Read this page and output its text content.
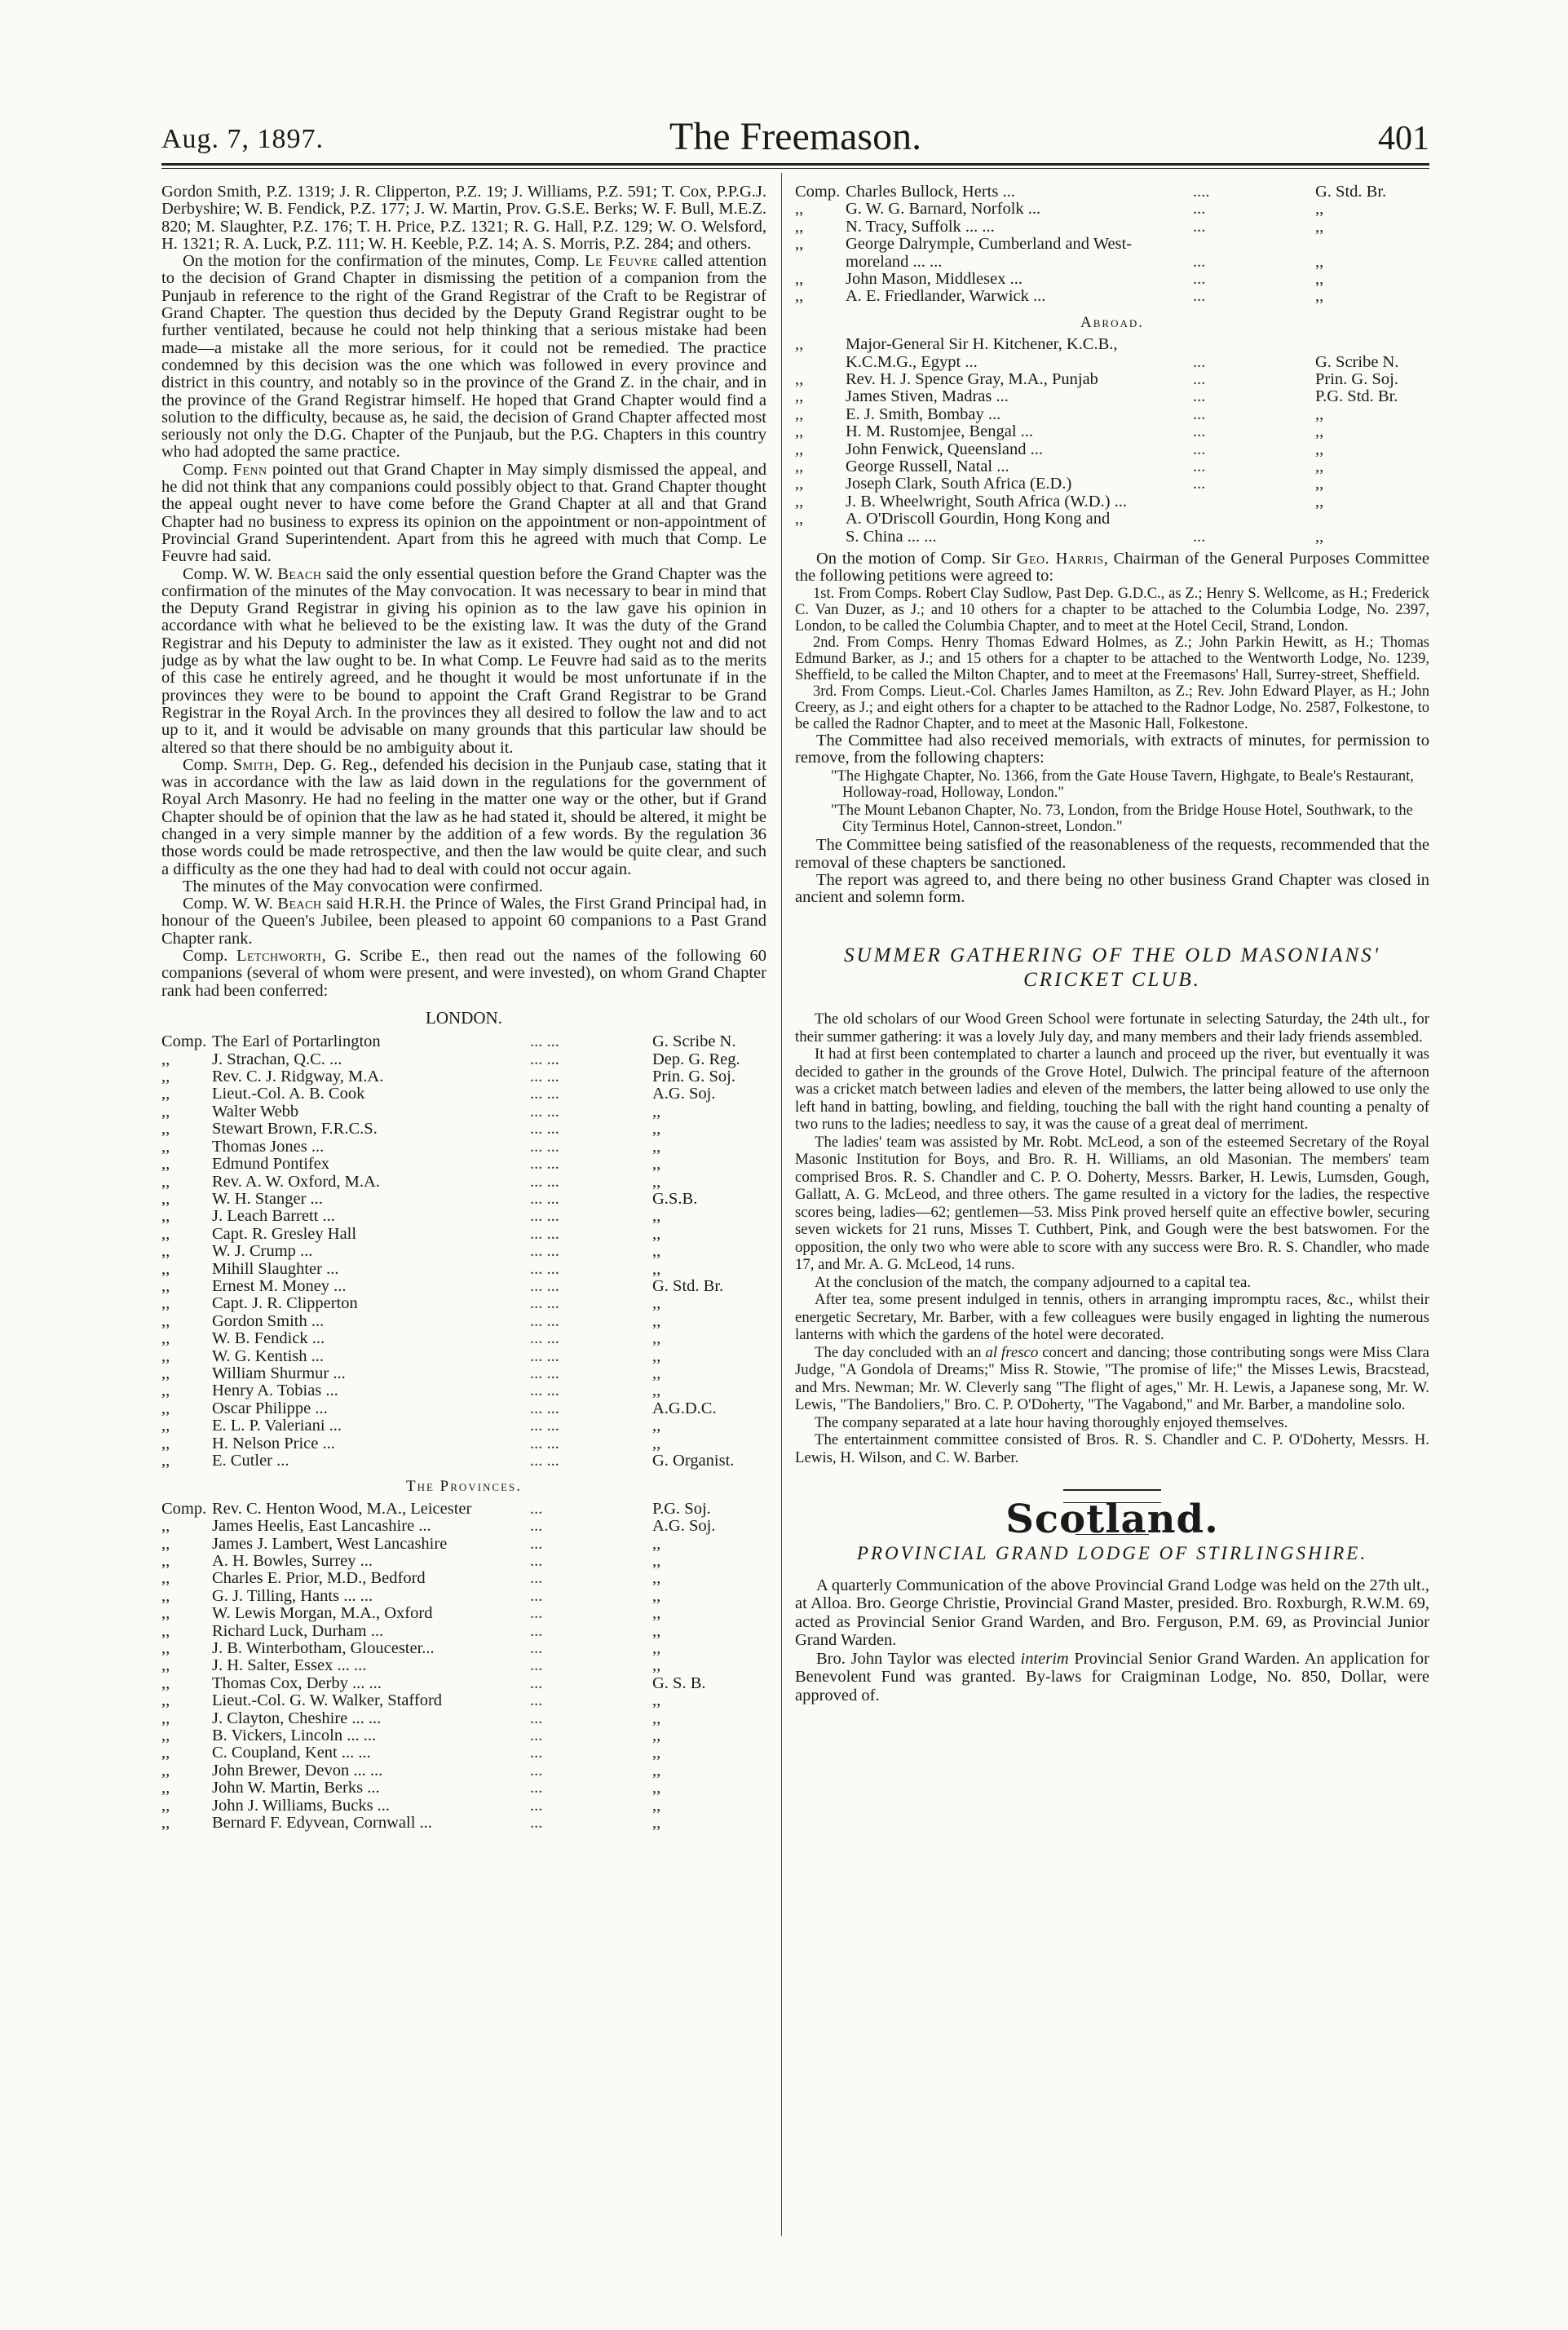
Aug. 7, 1897.	The Freemason.	401

Gordon Smith, P.Z. 1319; J. R. Clipperton, P.Z. 19; J. Williams, P.Z. 591; T. Cox, P.P.G.J. Derbyshire; W. B. Fendick, P.Z. 177; J. W. Martin, Prov. G.S.E. Berks; W. F. Bull, M.E.Z. 820; M. Slaughter, P.Z. 176; T. H. Price, P.Z. 1321; R. G. Hall, P.Z. 129; W. O. Welsford, H. 1321; R. A. Luck, P.Z. 111; W. H. Keeble, P.Z. 14; A. S. Morris, P.Z. 284; and others.

On the motion for the confirmation of the minutes, Comp. Le Feuvre called attention to the decision of Grand Chapter in dismissing the petition of a companion from the Punjaub in reference to the right of the Grand Registrar of the Craft to be Registrar of Grand Chapter. The question thus decided by the Deputy Grand Registrar ought to be further ventilated, because he could not help thinking that a serious mistake had been made—a mistake all the more serious, for it could not be remedied. The practice condemned by this decision was the one which was followed in every province and district in this country, and notably so in the province of the Grand Z. in the chair, and in the province of the Grand Registrar himself. He hoped that Grand Chapter would find a solution to the difficulty, because as, he said, the decision of Grand Chapter affected most seriously not only the D.G. Chapter of the Punjaub, but the P.G. Chapters in this country who had adopted the same practice.

Comp. Fenn pointed out that Grand Chapter in May simply dismissed the appeal, and he did not think that any companions could possibly object to that. Grand Chapter thought the appeal ought never to have come before the Grand Chapter at all and that Grand Chapter had no business to express its opinion on the appointment or non-appointment of Provincial Grand Superintendent. Apart from this he agreed with much that Comp. Le Feuvre had said.

Comp. W. W. Beach said the only essential question before the Grand Chapter was the confirmation of the minutes of the May convocation. It was necessary to bear in mind that the Deputy Grand Registrar in giving his opinion as to the law gave his opinion in accordance with what he believed to be the existing law. It was the duty of the Grand Registrar and his Deputy to administer the law as it existed. They ought not and did not judge as by what the law ought to be. In what Comp. Le Feuvre had said as to the merits of this case he entirely agreed, and he thought it would be most unfortunate if in the provinces they were to be bound to appoint the Craft Grand Registrar to be Grand Registrar in the Royal Arch. In the provinces they all desired to follow the law and to act up to it, and it would be advisable on many grounds that this particular law should be altered so that there should be no ambiguity about it.

Comp. Smith, Dep. G. Reg., defended his decision in the Punjaub case, stating that it was in accordance with the law as laid down in the regulations for the government of Royal Arch Masonry. He had no feeling in the matter one way or the other, but if Grand Chapter should be of opinion that the law as he had stated it, should be altered, it might be changed in a very simple manner by the addition of a few words. By the regulation 36 those words could be made retrospective, and then the law would be quite clear, and such a difficulty as the one they had had to deal with could not occur again.

The minutes of the May convocation were confirmed.

Comp. W. W. Beach said H.R.H. the Prince of Wales, the First Grand Principal had, in honour of the Queen's Jubilee, been pleased to appoint 60 companions to a Past Grand Chapter rank.

Comp. Letchworth, G. Scribe E., then read out the names of the following 60 companions (several of whom were present, and were invested), on whom Grand Chapter rank had been conferred:

LONDON.
Comp.	The Earl of Portarlington	... ...	G. Scribe N.
,,	J. Strachan, Q.C. ...	... ...	Dep. G. Reg.
,,	Rev. C. J. Ridgway, M.A.	... ...	Prin. G. Soj.
,,	Lieut.-Col. A. B. Cook	... ...	A.G. Soj.
,,	Walter Webb	... ...	,,
,,	Stewart Brown, F.R.C.S.	... ...	,,
,,	Thomas Jones ...	... ...	,,
,,	Edmund Pontifex	... ...	,,
,,	Rev. A. W. Oxford, M.A.	... ...	,,
,,	W. H. Stanger ...	... ...	G.S.B.
,,	J. Leach Barrett ...	... ...	,,
,,	Capt. R. Gresley Hall	... ...	,,
,,	W. J. Crump ...	... ...	,,
,,	Mihill Slaughter ...	... ...	,,
,,	Ernest M. Money ...	... ...	G. Std. Br.
,,	Capt. J. R. Clipperton	... ...	,,
,,	Gordon Smith ...	... ...	,,
,,	W. B. Fendick ...	... ...	,,
,,	W. G. Kentish ...	... ...	,,
,,	William Shurmur ...	... ...	,,
,,	Henry A. Tobias ...	... ...	,,
,,	Oscar Philippe ...	... ...	A.G.D.C.
,,	E. L. P. Valeriani ...	... ...	,,
,,	H. Nelson Price ...	... ...	,,
,,	E. Cutler ...	... ...	G. Organist.
The Provinces.
Comp.	Rev. C. Henton Wood, M.A., Leicester	...	P.G. Soj.
,,	James Heelis, East Lancashire ...	...	A.G. Soj.
,,	James J. Lambert, West Lancashire	...	,,
,,	A. H. Bowles, Surrey ...	...	,,
,,	Charles E. Prior, M.D., Bedford	...	,,
,,	G. J. Tilling, Hants ... ...	...	,,
,,	W. Lewis Morgan, M.A., Oxford	...	,,
,,	Richard Luck, Durham ...	...	,,
,,	J. B. Winterbotham, Gloucester...	...	,,
,,	J. H. Salter, Essex ... ...	...	,,
,,	Thomas Cox, Derby ... ...	...	G. S. B.
,,	Lieut.-Col. G. W. Walker, Stafford	...	,,
,,	J. Clayton, Cheshire ... ...	...	,,
,,	B. Vickers, Lincoln ... ...	...	,,
,,	C. Coupland, Kent ... ...	...	,,
,,	John Brewer, Devon ... ...	...	,,
,,	John W. Martin, Berks ...	...	,,
,,	John J. Williams, Bucks ...	...	,,
,,	Bernard F. Edyvean, Cornwall ...	...	,,
Comp.	Charles Bullock, Herts ...	....	G. Std. Br.
,,	G. W. G. Barnard, Norfolk ...	...	,,
,,	N. Tracy, Suffolk ... ...	...	,,
,,	George Dalrymple, Cumberland and West-		
	moreland ... ...	...	,,
,,	John Mason, Middlesex ...	...	,,
,,	A. E. Friedlander, Warwick ...	...	,,
Abroad.
,,	Major-General Sir H. Kitchener, K.C.B.,		
	K.C.M.G., Egypt ...	...	G. Scribe N.
,,	Rev. H. J. Spence Gray, M.A., Punjab	...	Prin. G. Soj.
,,	James Stiven, Madras ...	...	P.G. Std. Br.
,,	E. J. Smith, Bombay ...	...	,,
,,	H. M. Rustomjee, Bengal ...	...	,,
,,	John Fenwick, Queensland ...	...	,,
,,	George Russell, Natal ...	...	,,
,,	Joseph Clark, South Africa (E.D.)	...	,,
,,	J. B. Wheelwright, South Africa (W.D.) ...		,,
,,	A. O'Driscoll Gourdin, Hong Kong and		
	S. China ... ...	...	,,

On the motion of Comp. Sir Geo. Harris, Chairman of the General Purposes Committee the following petitions were agreed to:

1st. From Comps. Robert Clay Sudlow, Past Dep. G.D.C., as Z.; Henry S. Wellcome, as H.; Frederick C. Van Duzer, as J.; and 10 others for a chapter to be attached to the Columbia Lodge, No. 2397, London, to be called the Columbia Chapter, and to meet at the Hotel Cecil, Strand, London.

2nd. From Comps. Henry Thomas Edward Holmes, as Z.; John Parkin Hewitt, as H.; Thomas Edmund Barker, as J.; and 15 others for a chapter to be attached to the Wentworth Lodge, No. 1239, Sheffield, to be called the Milton Chapter, and to meet at the Freemasons' Hall, Surrey-street, Sheffield.

3rd. From Comps. Lieut.-Col. Charles James Hamilton, as Z.; Rev. John Edward Player, as H.; John Creery, as J.; and eight others for a chapter to be attached to the Radnor Lodge, No. 2587, Folkestone, to be called the Radnor Chapter, and to meet at the Masonic Hall, Folkestone.

The Committee had also received memorials, with extracts of minutes, for permission to remove, from the following chapters:

"The Highgate Chapter, No. 1366, from the Gate House Tavern, Highgate, to Beale's Restaurant, Holloway-road, Holloway, London."
"The Mount Lebanon Chapter, No. 73, London, from the Bridge House Hotel, Southwark, to the City Terminus Hotel, Cannon-street, London."

The Committee being satisfied of the reasonableness of the requests, recommended that the removal of these chapters be sanctioned.

The report was agreed to, and there being no other business Grand Chapter was closed in ancient and solemn form.

SUMMER GATHERING OF THE OLD MASONIANS' CRICKET CLUB.

The old scholars of our Wood Green School were fortunate in selecting Saturday, the 24th ult., for their summer gathering: it was a lovely July day, and many members and their lady friends assembled.

It had at first been contemplated to charter a launch and proceed up the river, but eventually it was decided to gather in the grounds of the Grove Hotel, Dulwich. The principal feature of the afternoon was a cricket match between ladies and eleven of the members, the latter being allowed to use only the left hand in batting, bowling, and fielding, touching the ball with the right hand counting a penalty of two runs to the ladies; needless to say, it was the cause of a great deal of merriment.

The ladies' team was assisted by Mr. Robt. McLeod, a son of the esteemed Secretary of the Royal Masonic Institution for Boys, and Bro. R. H. Williams, an old Masonian. The members' team comprised Bros. R. S. Chandler and C. P. O. Doherty, Messrs. Barker, H. Lewis, Lumsden, Gough, Gallatt, A. G. McLeod, and three others. The game resulted in a victory for the ladies, the respective scores being, ladies—62; gentlemen—53. Miss Pink proved herself quite an effective bowler, securing seven wickets for 21 runs, Misses T. Cuthbert, Pink, and Gough were the best batswomen. For the opposition, the only two who were able to score with any success were Bro. R. S. Chandler, who made 17, and Mr. A. G. McLeod, 14 runs.

At the conclusion of the match, the company adjourned to a capital tea.

After tea, some present indulged in tennis, others in arranging impromptu races, &c., whilst their energetic Secretary, Mr. Barber, with a few colleagues were busily engaged in lighting the numerous lanterns with which the gardens of the hotel were decorated.

The day concluded with an al fresco concert and dancing; those contributing songs were Miss Clara Judge, "A Gondola of Dreams;" Miss R. Stowie, "The promise of life;" the Misses Lewis, Bracstead, and Mrs. Newman; Mr. W. Cleverly sang "The flight of ages," Mr. H. Lewis, a Japanese song, Mr. W. Lewis, "The Bandoliers," Bro. C. P. O'Doherty, "The Vagabond," and Mr. Barber, a mandoline solo.

The company separated at a late hour having thoroughly enjoyed themselves.

The entertainment committee consisted of Bros. R. S. Chandler and C. P. O'Doherty, Messrs. H. Lewis, H. Wilson, and C. W. Barber.

Scotland.
PROVINCIAL GRAND LODGE OF STIRLINGSHIRE.

A quarterly Communication of the above Provincial Grand Lodge was held on the 27th ult., at Alloa. Bro. George Christie, Provincial Grand Master, presided. Bro. Roxburgh, R.W.M. 69, acted as Provincial Senior Grand Warden, and Bro. Ferguson, P.M. 69, as Provincial Junior Grand Warden.

Bro. John Taylor was elected interim Provincial Senior Grand Warden. An application for Benevolent Fund was granted. By-laws for Craigminan Lodge, No. 850, Dollar, were approved of.
